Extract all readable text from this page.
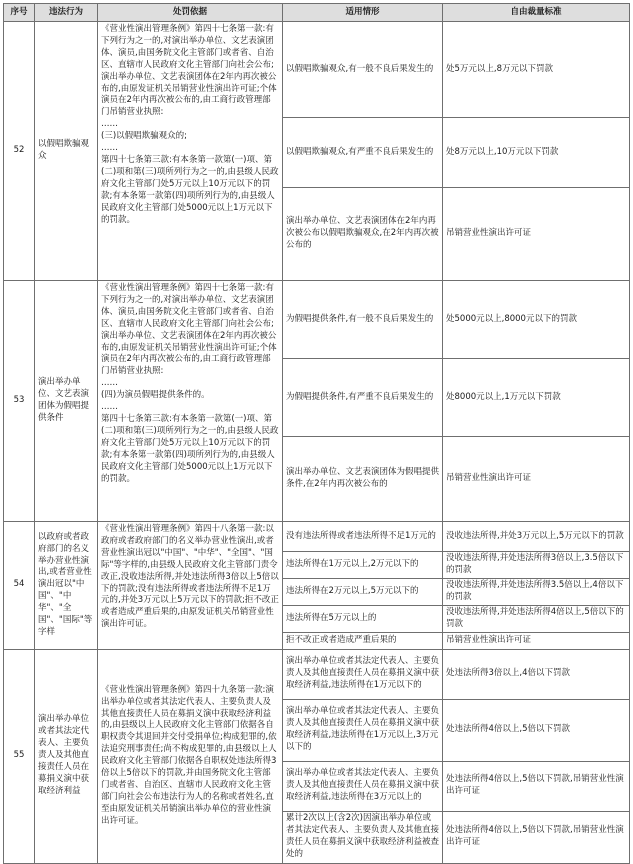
序号	违法行为	处罚依据	适用情形	自由裁量标准
52	以假唱欺骗观众	《营业性演出管理条例》第四十七条第一款:有下列行为之一的,对演出举办单位、文艺表演团体、演员,由国务院文化主管部门或者省、自治区、直辖市人民政府文化主管部门向社会公布;演出举办单位、文艺表演团体在2年内再次被公布的,由原发证机关吊销营业性演出许可证;个体演员在2年内再次被公布的,由工商行政管理部门吊销营业执照:
……
(三)以假唱欺骗观众的;
……
第四十七条第三款:有本条第一款第(一)项、第(二)项和第(三)项所列行为之一的,由县级人民政府文化主管部门处5万元以上10万元以下的罚款;有本条第一款第(四)项所列行为的,由县级人民政府文化主管部门处5000元以上1万元以下的罚款。	以假唱欺骗观众,有一般不良后果发生的	处5万元以上,8万元以下罚款
			以假唱欺骗观众,有严重不良后果发生的	处8万元以上,10万元以下罚款
			演出举办单位、文艺表演团体在2年内再次被公布以假唱欺骗观众,在2年内再次被公布的	吊销营业性演出许可证
53	演出举办单位、文艺表演团体为假唱提供条件	《营业性演出管理条例》第四十七条第一款:有下列行为之一的,对演出举办单位、文艺表演团体、演员,由国务院文化主管部门或者省、自治区、直辖市人民政府文化主管部门向社会公布;演出举办单位、文艺表演团体在2年内再次被公布的,由原发证机关吊销营业性演出许可证;个体演员在2年内再次被公布的,由工商行政管理部门吊销营业执照:
……
(四)为演员假唱提供条件的。
……
第四十七条第三款:有本条第一款第(一)项、第(二)项和第(三)项所列行为之一的,由县级人民政府文化主管部门处5万元以上10万元以下的罚款;有本条第一款第(四)项所列行为的,由县级人民政府文化主管部门处5000元以上1万元以下的罚款。	为假唱提供条件,有一般不良后果发生的	处5000元以上,8000元以下的罚款
			为假唱提供条件,有严重不良后果发生的	处8000元以上,1万元以下罚款
			演出举办单位、文艺表演团体为假唱提供条件,在2年内再次被公布的	吊销营业性演出许可证
54	以政府或者政府部门的名义举办营业性演出,或者营业性演出冠以"中国"、"中华"、"全国"、"国际"等字样	《营业性演出管理条例》第四十八条第一款:以政府或者政府部门的名义举办营业性演出,或者营业性演出冠以"中国"、"中华"、"全国"、"国际"等字样的,由县级人民政府文化主管部门责令改正,没收违法所得,并处违法所得3倍以上5倍以下的罚款;没有违法所得或者违法所得不足1万元的,并处3万元以上5万元以下的罚款;拒不改正或者造成严重后果的,由原发证机关吊销营业性演出许可证。	没有违法所得或者违法所得不足1万元的	没收违法所得,并处3万元以上,5万元以下的罚款
			违法所得在1万元以上,2万元以下的	没收违法所得,并处违法所得3倍以上,3.5倍以下的罚款
			违法所得在2万元以上,5万元以下的	没收违法所得,并处违法所得3.5倍以上,4倍以下的罚款
			违法所得在5万元以上的	没收违法所得,并处违法所得4倍以上,5倍以下的罚款
			拒不改正或者造成严重后果的	吊销营业性演出许可证
55	演出举办单位或者其法定代表人、主要负责人及其他直接责任人员在募捐义演中获取经济利益	《营业性演出管理条例》第四十九条第一款:演出举办单位或者其法定代表人、主要负责人及其他直接责任人员在募捐义演中获取经济利益的,由县级以上人民政府文化主管部门依据各自职权责令其退回并交付受捐单位;构成犯罪的,依法追究刑事责任;尚不构成犯罪的,由县级以上人民政府文化主管部门依据各自职权处违法所得3倍以上5倍以下的罚款,并由国务院文化主管部门或者省、自治区、直辖市人民政府文化主管部门向社会公布违法行为人的名称或者姓名,直至由原发证机关吊销演出举办单位的营业性演出许可证。	演出举办单位或者其法定代表人、主要负责人及其他直接责任人员在募捐义演中获取经济利益,违法所得在1万元以下的	处违法所得3倍以上,4倍以下罚款
			演出举办单位或者其法定代表人、主要负责人及其他直接责任人员在募捐义演中获取经济利益,违法所得在1万元以上,3万元以下的	处违法所得4倍以上,5倍以下罚款
			演出举办单位或者其法定代表人、主要负责人及其他直接责任人员在募捐义演中获取经济利益,违法所得在3万元以上的	处违法所得4倍以上,5倍以下罚款,吊销营业性演出许可证
			累计2次以上(含2次)因演出举办单位或者其法定代表人、主要负责人及其他直接责任人员在募捐义演中获取经济利益被查处的	处违法所得4倍以上,5倍以下罚款,吊销营业性演出许可证
